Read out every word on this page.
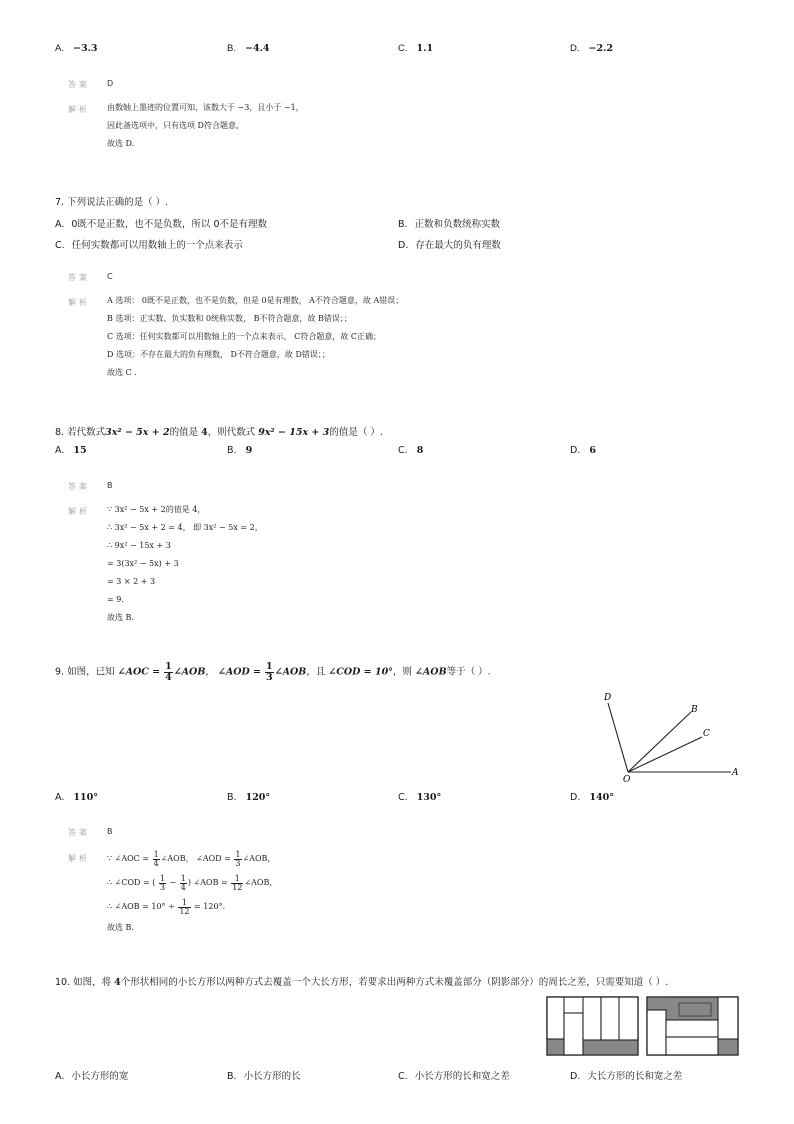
A. −3.3	B. −4.4	C. 1.1	D. −2.2
答案 D
解析 由数轴上墨迹的位置可知，该数大于 −3，且小于 −1，
因此备选项中，只有选项 D符合题意，
故选 D.
7. 下列说法正确的是（ ）.
A. 0既不是正数，也不是负数，所以 0不是有理数	B. 正数和负数统称实数
C. 任何实数都可以用数轴上的一个点来表示	D. 存在最大的负有理数
答案 C
解析 A 选项： 0既不是正数，也不是负数，但是 0是有理数， A不符合题意，故 A错误；
B 选项：正实数、负实数和 0统称实数， B不符合题意，故 B错误；；
C 选项：任何实数都可以用数轴上的一个点来表示， C符合题意，故 C正确；
D 选项：不存在最大的负有理数， D不符合题意，故 D错误；；
故选 C .
8. 若代数式3x² − 5x + 2的值是 4，则代数式 9x² − 15x + 3的值是（ ）.
A. 15	B. 9	C. 8	D. 6
答案 B
解析 ∵ 3x² − 5x + 2的值是 4，
∴ 3x² − 5x + 2 = 4， 即 3x² − 5x = 2，
∴ 9x² − 15x + 3
= 3(3x² − 5x) + 3
= 3 × 2 + 3
= 9.
故选 B.
9. 如图，已知 ∠AOC = $\frac{1}{4}$ ∠AOB， ∠AOD = $\frac{1}{3}$ ∠AOB，且 ∠COD = 10°，则 ∠AOB等于（ ）.
D
B
C
O
A
A. 110°	B. 120°	C. 130°	D. 140°
答案 B
解析 ∵ ∠AOC = $\frac{1}{4}$ ∠AOB， ∠AOD = $\frac{1}{3}$ ∠AOB，
∴ ∠COD = ( $\frac{1}{3} - \frac{1}{4}$ ) ∠AOB = $\frac{1}{12}$ ∠AOB，
∴ ∠AOB = $10^\circ \div \frac{1}{12} = 120^\circ$.
故选 B.
10. 如图，将 4个形状相同的小长方形以两种方式去覆盖一个大长方形，若要求出两种方式未覆盖部分（阴影部分）的周长之差，只需要知道（ ）.
A. 小长方形的宽	B. 小长方形的长	C. 小长方形的长和宽之差	D. 大长方形的长和宽之差
